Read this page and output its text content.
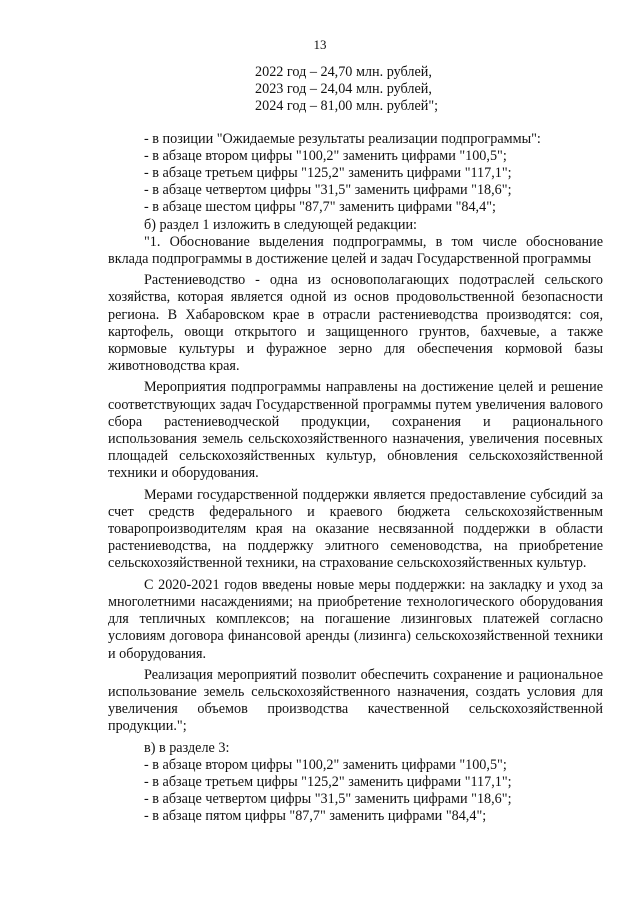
13
2022 год – 24,70 млн. рублей,
2023 год – 24,04 млн. рублей,
2024 год – 81,00 млн. рублей";
- в позиции "Ожидаемые результаты реализации подпрограммы":
- в абзаце втором цифры "100,2" заменить цифрами "100,5";
- в абзаце третьем цифры "125,2" заменить цифрами "117,1";
- в абзаце четвертом цифры "31,5" заменить цифрами "18,6";
- в абзаце шестом цифры "87,7" заменить цифрами "84,4";
б) раздел 1 изложить в следующей редакции:

"1. Обоснование выделения подпрограммы, в том числе обоснование вклада подпрограммы в достижение целей и задач Государственной программы

Растениеводство - одна из основополагающих подотраслей сельского хозяйства, которая является одной из основ продовольственной безопасности региона. В Хабаровском крае в отрасли растениеводства производятся: соя, картофель, овощи открытого и защищенного грунтов, бахчевые, а также кормовые культуры и фуражное зерно для обеспечения кормовой базы животноводства края.

Мероприятия подпрограммы направлены на достижение целей и решение соответствующих задач Государственной программы путем увеличения валового сбора растениеводческой продукции, сохранения и рационального использования земель сельскохозяйственного назначения, увеличения посевных площадей сельскохозяйственных культур, обновления сельскохозяйственной техники и оборудования.

Мерами государственной поддержки является предоставление субсидий за счет средств федерального и краевого бюджета сельскохозяйственным товаропроизводителям края на оказание несвязанной поддержки в области растениеводства, на поддержку элитного семеноводства, на приобретение сельскохозяйственной техники, на страхование сельскохозяйственных культур.

С 2020-2021 годов введены новые меры поддержки: на закладку и уход за многолетними насаждениями; на приобретение технологического оборудования для тепличных комплексов; на погашение лизинговых платежей согласно условиям договора финансовой аренды (лизинга) сельскохозяйственной техники и оборудования.

Реализация мероприятий позволит обеспечить сохранение и рациональное использование земель сельскохозяйственного назначения, создать условия для увеличения объемов производства качественной сельскохозяйственной продукции.";

в) в разделе 3:
- в абзаце втором цифры "100,2" заменить цифрами "100,5";
- в абзаце третьем цифры "125,2" заменить цифрами "117,1";
- в абзаце четвертом цифры "31,5" заменить цифрами "18,6";
- в абзаце пятом цифры "87,7" заменить цифрами "84,4";
